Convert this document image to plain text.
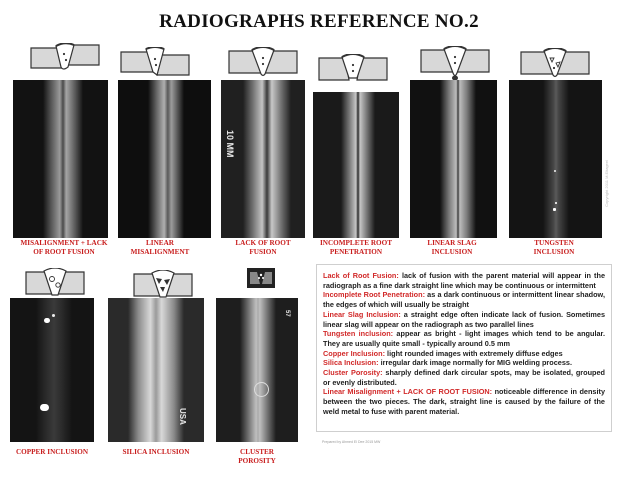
RADIOGRAPHS REFERENCE NO.2
10 MM
Copyright 2011 M.Eltageel
MISALIGNMENT + LACK OF ROOT FUSION
LINEAR MISALIGNMENT
LACK OF ROOT FUSION
INCOMPLETE ROOT PENETRATION
LINEAR SLAG INCLUSION
TUNGSTEN INCLUSION
USA
57
COPPER INCLUSION	SILICA INCLUSION	CLUSTER POROSITY

Lack of Root Fusion: lack of fusion with the parent material will appear in the radiograph as a fine dark straight line which may be continuous or intermittent

Incomplete Root Penetration: as a dark continuous or intermittent linear shadow, the edges of which will usually be straight

Linear Slag Inclusion: a straight edge often indicate lack of fusion. Sometimes linear slag will appear on the radiograph as two parallel lines

Tungsten inclusion: appear as bright - light images which tend to be angular. They are usually quite small - typically around 0.5 mm

Copper Inclusion: light rounded images with extremely diffuse edges

Silica Inclusion: irregular dark image normally for MIG welding process.

Cluster Porosity: sharply defined dark circular spots, may be isolated, grouped or evenly distributed.

Linear Misalignment + LACK OF ROOT FUSION: noticeable difference in density between the two pieces. The dark, straight line is caused by the failure of the weld metal to fuse with parent material.

Prepared by Ahmed El Dee 2015 MW
